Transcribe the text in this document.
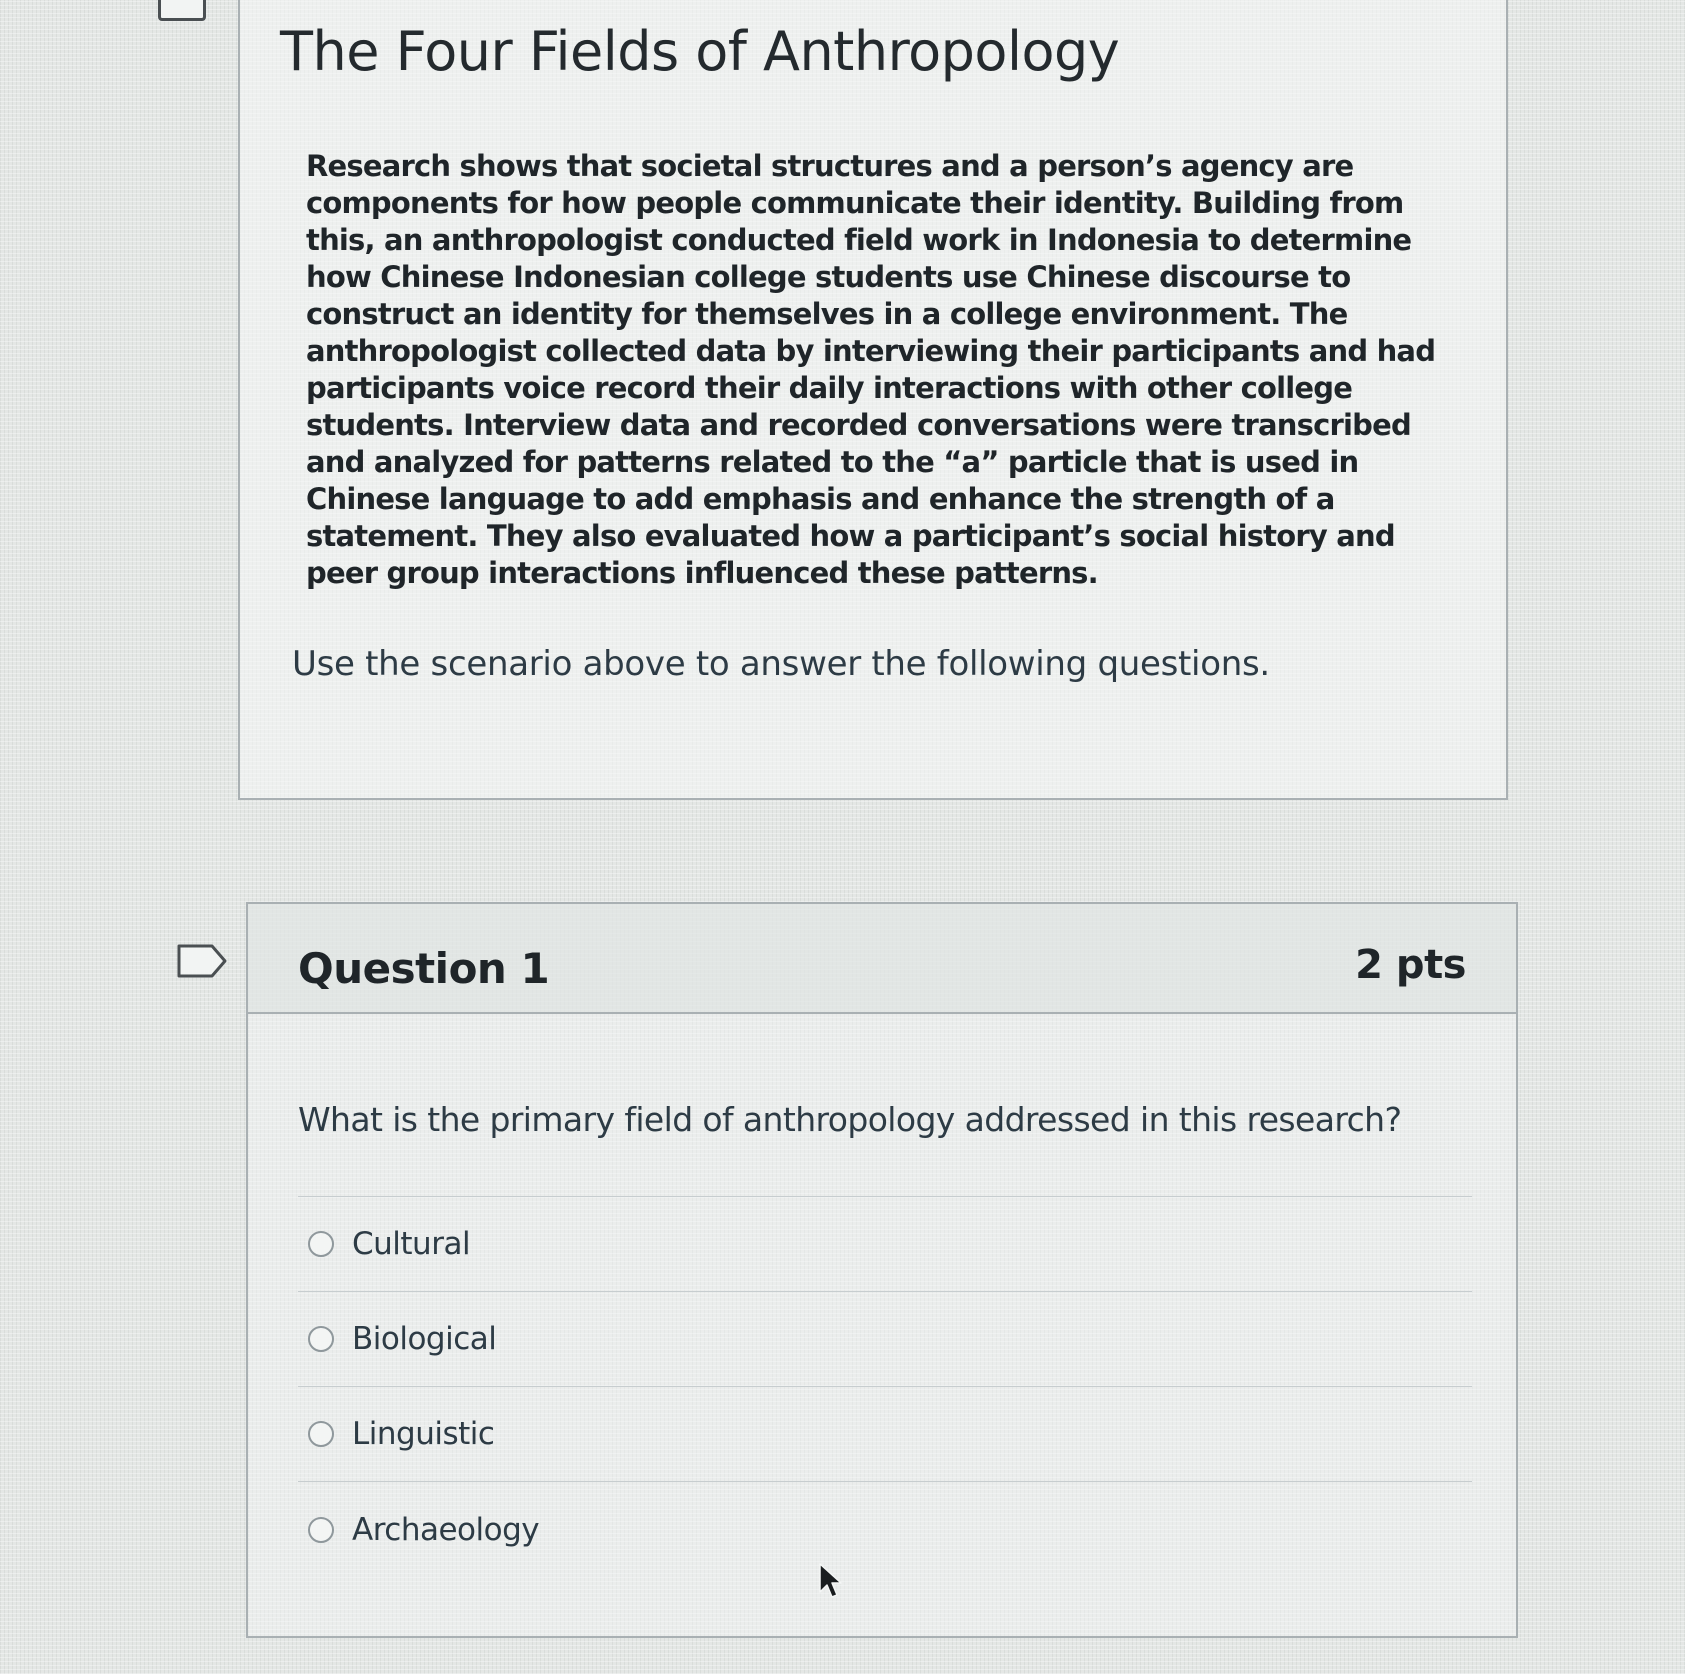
The Four Fields of Anthropology

Research shows that societal structures and a person’s agency are components for how people communicate their identity. Building from this, an anthropologist conducted field work in Indonesia to determine how Chinese Indonesian college students use Chinese discourse to construct an identity for themselves in a college environment. The anthropologist collected data by interviewing their participants and had participants voice record their daily interactions with other college students. Interview data and recorded conversations were transcribed and analyzed for patterns related to the “a” particle that is used in Chinese language to add emphasis and enhance the strength of a statement. They also evaluated how a participant’s social history and peer group interactions influenced these patterns.

Use the scenario above to answer the following questions.

Question 1	2 pts

What is the primary field of anthropology addressed in this research?

Cultural
Biological
Linguistic
Archaeology
